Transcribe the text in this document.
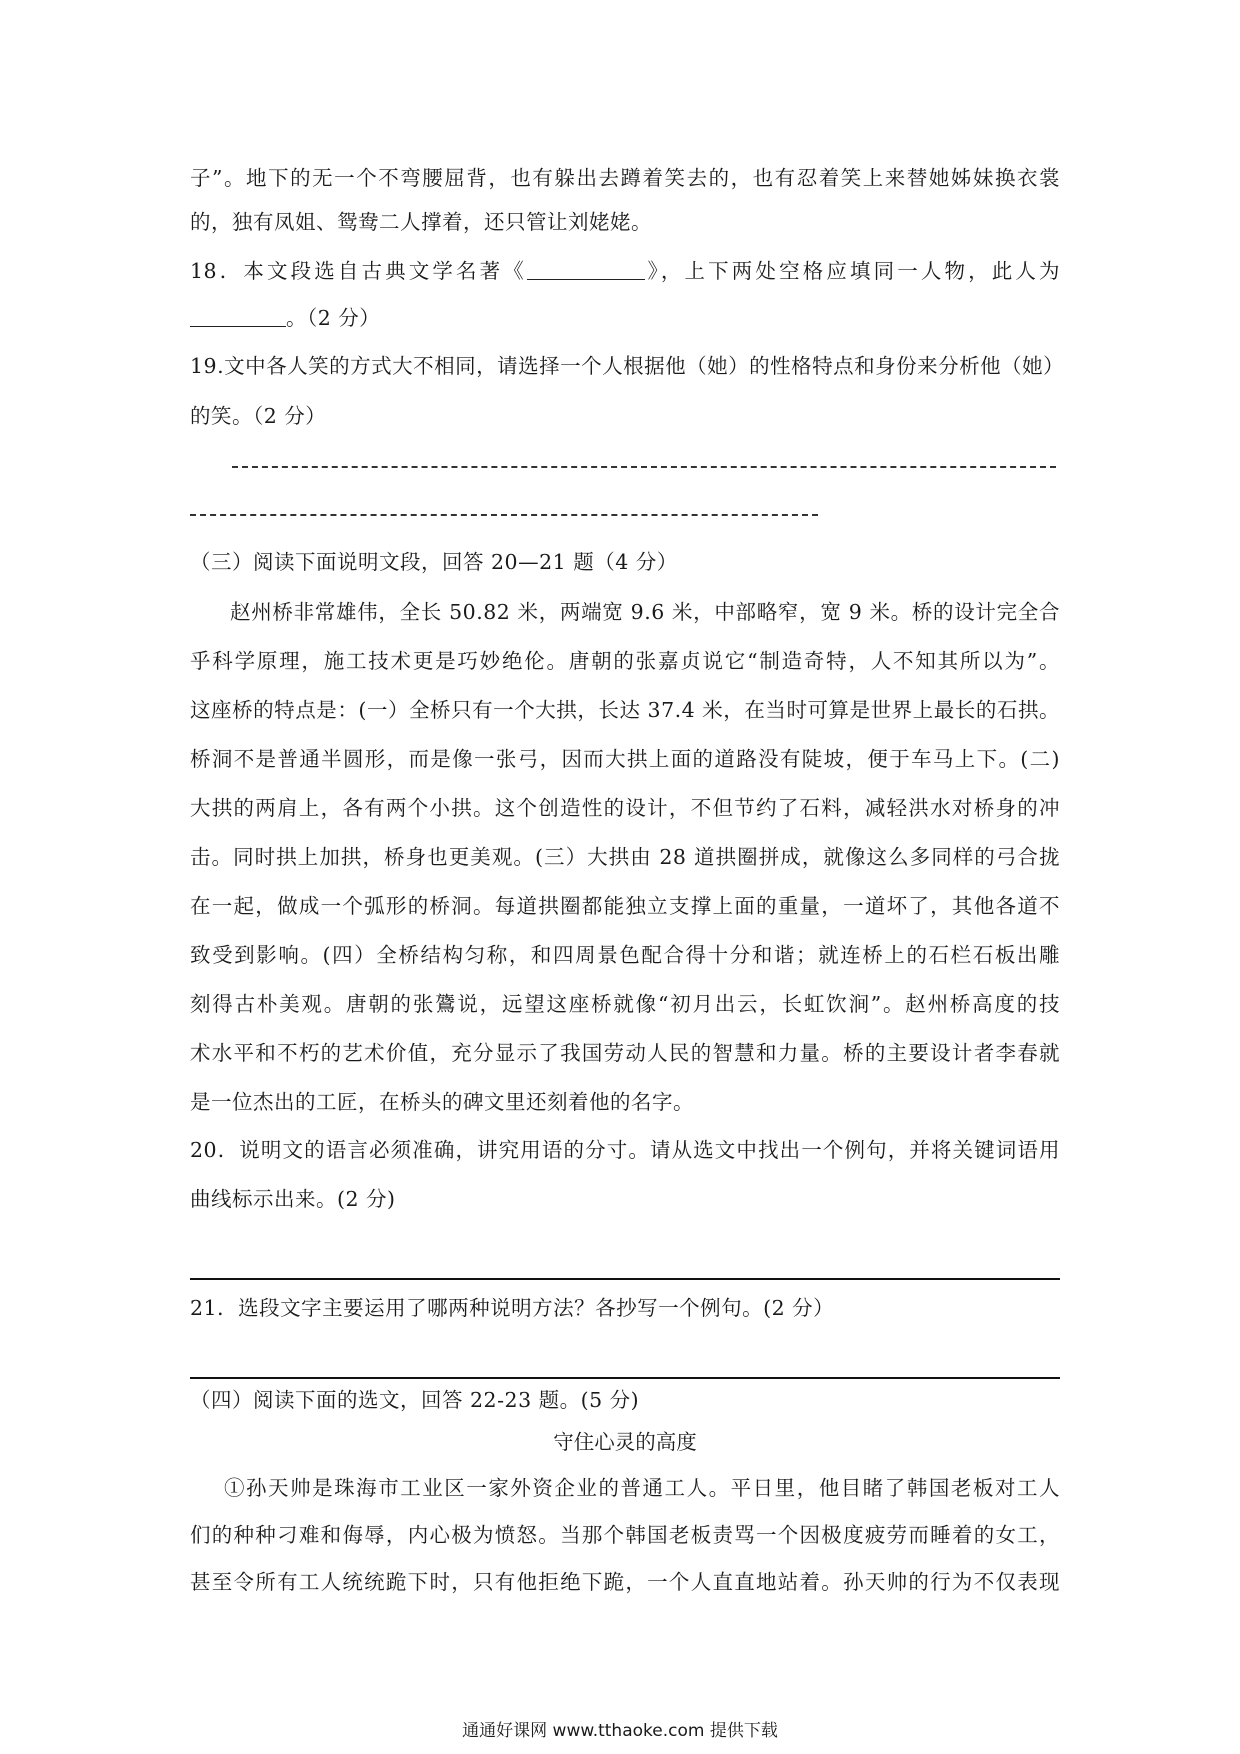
子”。地下的无一个不弯腰屈背，也有躲出去蹲着笑去的，也有忍着笑上来替她姊妹换衣裳
的，独有凤姐、鸳鸯二人撑着，还只管让刘姥姥。
18．本文段选自古典文学名著《	》，上下两处空格应填同一人物，此人为
。（2 分）
19.文中各人笑的方式大不相同，请选择一个人根据他（她）的性格特点和身份来分析他（她）
的笑。（2 分）
（三）阅读下面说明文段，回答 20—21 题（4 分）
赵州桥非常雄伟，全长 50.82 米，两端宽 9.6 米，中部略窄，宽 9 米。桥的设计完全合
乎科学原理，施工技术更是巧妙绝伦。唐朝的张嘉贞说它“制造奇特，人不知其所以为”。
这座桥的特点是：(一）全桥只有一个大拱，长达 37.4 米，在当时可算是世界上最长的石拱。
桥洞不是普通半圆形，而是像一张弓，因而大拱上面的道路没有陡坡，便于车马上下。(二)
大拱的两肩上，各有两个小拱。这个创造性的设计，不但节约了石料，减轻洪水对桥身的冲
击。同时拱上加拱，桥身也更美观。(三）大拱由 28 道拱圈拼成，就像这么多同样的弓合拢
在一起，做成一个弧形的桥洞。每道拱圈都能独立支撑上面的重量，一道坏了，其他各道不
致受到影响。(四）全桥结构匀称，和四周景色配合得十分和谐；就连桥上的石栏石板出雕
刻得古朴美观。唐朝的张鷟说，远望这座桥就像“初月出云，长虹饮涧”。赵州桥高度的技
术水平和不朽的艺术价值，充分显示了我国劳动人民的智慧和力量。桥的主要设计者李春就
是一位杰出的工匠，在桥头的碑文里还刻着他的名字。
20．说明文的语言必须准确，讲究用语的分寸。请从选文中找出一个例句，并将关键词语用
曲线标示出来。(2 分)
21．选段文字主要运用了哪两种说明方法？各抄写一个例句。(2 分）
（四）阅读下面的选文，回答 22-23 题。(5 分)
守住心灵的高度
①孙天帅是珠海市工业区一家外资企业的普通工人。平日里，他目睹了韩国老板对工人
们的种种刁难和侮辱，内心极为愤怒。当那个韩国老板责骂一个因极度疲劳而睡着的女工，
甚至令所有工人统统跪下时，只有他拒绝下跪，一个人直直地站着。孙天帅的行为不仅表现
通通好课网 www.tthaoke.com 提供下载
